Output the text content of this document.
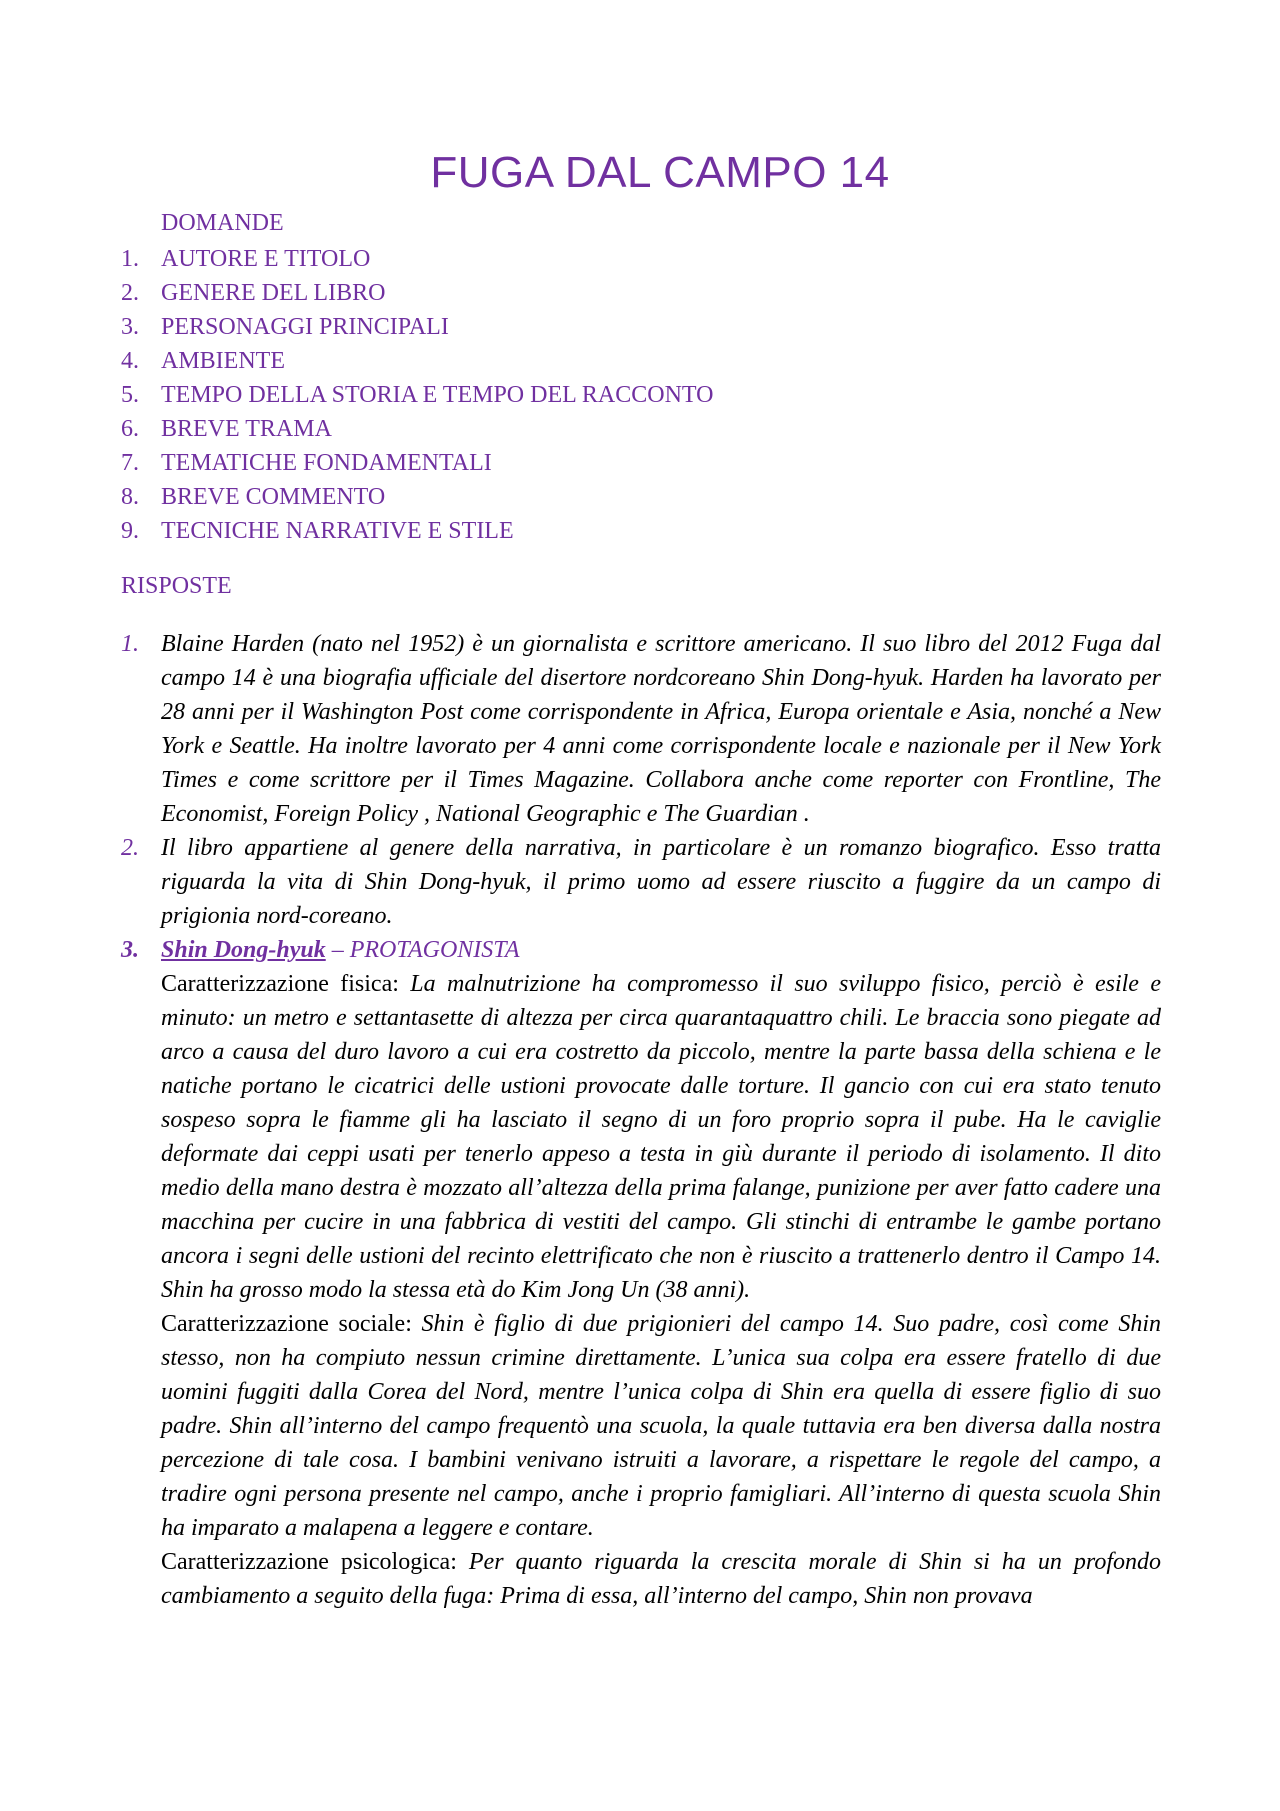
FUGA DAL CAMPO 14
DOMANDE
1. AUTORE E TITOLO
2. GENERE DEL LIBRO
3. PERSONAGGI PRINCIPALI
4. AMBIENTE
5. TEMPO DELLA STORIA E TEMPO DEL RACCONTO
6. BREVE TRAMA
7. TEMATICHE FONDAMENTALI
8. BREVE COMMENTO
9. TECNICHE NARRATIVE E STILE
RISPOSTE
1. Blaine Harden (nato nel 1952) è un giornalista e scrittore americano. Il suo libro del 2012 Fuga dal campo 14 è una biografia ufficiale del disertore nordcoreano Shin Dong-hyuk. Harden ha lavorato per 28 anni per il Washington Post come corrispondente in Africa, Europa orientale e Asia, nonché a New York e Seattle. Ha inoltre lavorato per 4 anni come corrispondente locale e nazionale per il New York Times e come scrittore per il Times Magazine. Collabora anche come reporter con Frontline, The Economist, Foreign Policy , National Geographic e The Guardian .

2. Il libro appartiene al genere della narrativa, in particolare è un romanzo biografico. Esso tratta riguarda la vita di Shin Dong-hyuk, il primo uomo ad essere riuscito a fuggire da un campo di prigionia nord-coreano.

3. Shin Dong-hyuk – PROTAGONISTA

Caratterizzazione fisica: La malnutrizione ha compromesso il suo sviluppo fisico, perciò è esile e minuto: un metro e settantasette di altezza per circa quarantaquattro chili. Le braccia sono piegate ad arco a causa del duro lavoro a cui era costretto da piccolo, mentre la parte bassa della schiena e le natiche portano le cicatrici delle ustioni provocate dalle torture. Il gancio con cui era stato tenuto sospeso sopra le fiamme gli ha lasciato il segno di un foro proprio sopra il pube. Ha le caviglie deformate dai ceppi usati per tenerlo appeso a testa in giù durante il periodo di isolamento. Il dito medio della mano destra è mozzato all’altezza della prima falange, punizione per aver fatto cadere una macchina per cucire in una fabbrica di vestiti del campo. Gli stinchi di entrambe le gambe portano ancora i segni delle ustioni del recinto elettrificato che non è riuscito a trattenerlo dentro il Campo 14. Shin ha grosso modo la stessa età do Kim Jong Un (38 anni).

Caratterizzazione sociale: Shin è figlio di due prigionieri del campo 14. Suo padre, così come Shin stesso, non ha compiuto nessun crimine direttamente. L’unica sua colpa era essere fratello di due uomini fuggiti dalla Corea del Nord, mentre l’unica colpa di Shin era quella di essere figlio di suo padre. Shin all’interno del campo frequentò una scuola, la quale tuttavia era ben diversa dalla nostra percezione di tale cosa. I bambini venivano istruiti a lavorare, a rispettare le regole del campo, a tradire ogni persona presente nel campo, anche i proprio famigliari. All’interno di questa scuola Shin ha imparato a malapena a leggere e contare.

Caratterizzazione psicologica: Per quanto riguarda la crescita morale di Shin si ha un profondo cambiamento a seguito della fuga: Prima di essa, all’interno del campo, Shin non provava
